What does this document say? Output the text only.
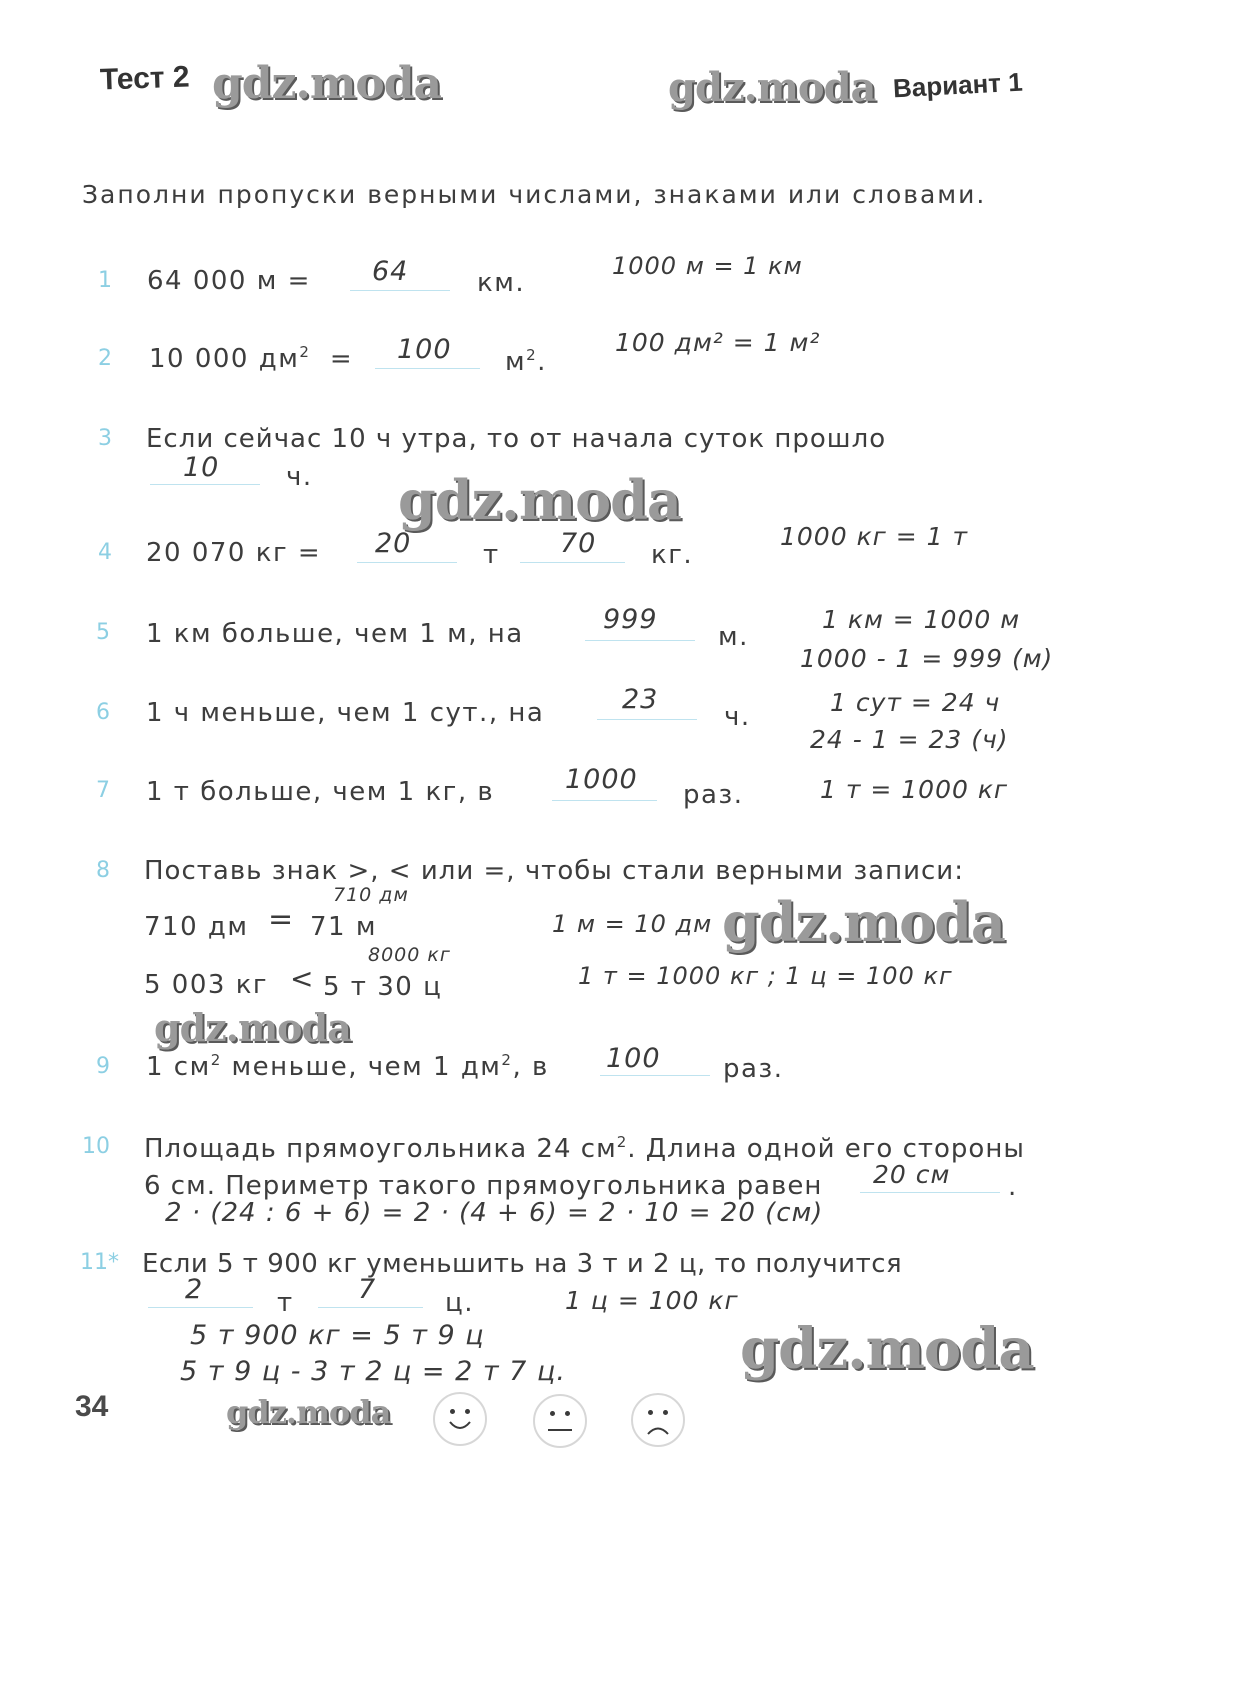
Тест 2	Вариант 1
gdz.moda	gdz.moda
gdz.moda
gdz.moda
gdz.moda
gdz.moda
gdz.moda
Заполни пропуски верными числами, знаками или словами.
1 64 000 м = 64	км.
1000 м = 1 км
2 10 000 $дм^2 = 100$ $м^2$.
100 дм² = 1 м²
3 Если сейчас 10 ч утра, то от начала суток прошло
10	ч.
4 20 070 кг = 20	т 70 кг.
1000 кг = 1 т
5 1 км больше, чем 1 м, на	999
м.
1 км = 1000 м
1000 - 1 = 999 (м)
6 1 ч меньше, чем 1 сут., на	23
ч.	1 сут = 24 ч
24 - 1 = 23 (ч)
7 1 т больше, чем 1 кг, в	1000 раз.	1 т = 1000 кг
8 Поставь знак >, < или =, чтобы стали верными записи:
710 дм
710 дм = 71 м	1 м = 10 дм
8000 кг
5 003 кг < 5 т 30 ц	1 т = 1000 кг ; 1 ц = 100 кг
9 1 $см^2$ меньше, чем 1 $дм^2$, в 100 раз.
10 Площадь прямоугольника 24 $см^2$. Длина одной его стороны
6 см. Периметр такого прямоугольника равен 20 см .
2 · (24 : 6 + 6) = 2 · (4 + 6) = 2 · 10 = 20 (см)
11* Если 5 т 900 кг уменьшить на 3 т и 2 ц, то получится
2	т 7	ц.	1 ц = 100 кг
5 т 900 кг = 5 т 9 ц
5 т 9 ц - 3 т 2 ц = 2 т 7 ц.
34
